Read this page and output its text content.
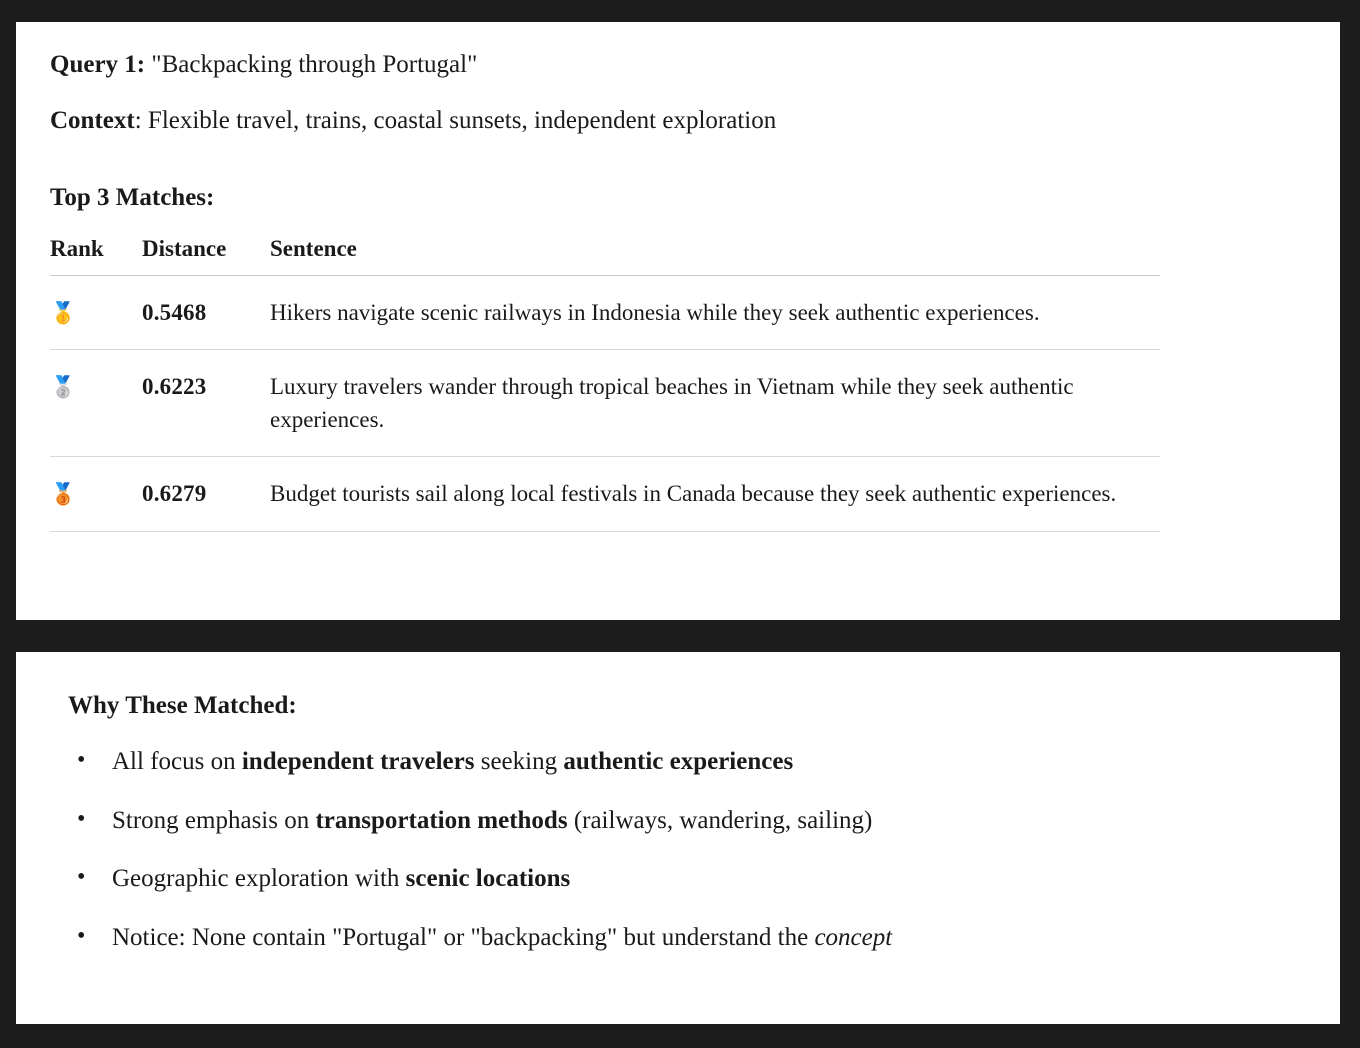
Query 1: "Backpacking through Portugal"
Context: Flexible travel, trains, coastal sunsets, independent exploration
Top 3 Matches:
Rank	Distance	Sentence
🥇	0.5468	Hikers navigate scenic railways in Indonesia while they seek authentic experiences.
🥈	0.6223	Luxury travelers wander through tropical beaches in Vietnam while they seek authentic experiences.
🥉	0.6279	Budget tourists sail along local festivals in Canada because they seek authentic experiences.
Why These Matched:
• All focus on independent travelers seeking authentic experiences
• Strong emphasis on transportation methods (railways, wandering, sailing)
• Geographic exploration with scenic locations
• Notice: None contain "Portugal" or "backpacking" but understand the concept
